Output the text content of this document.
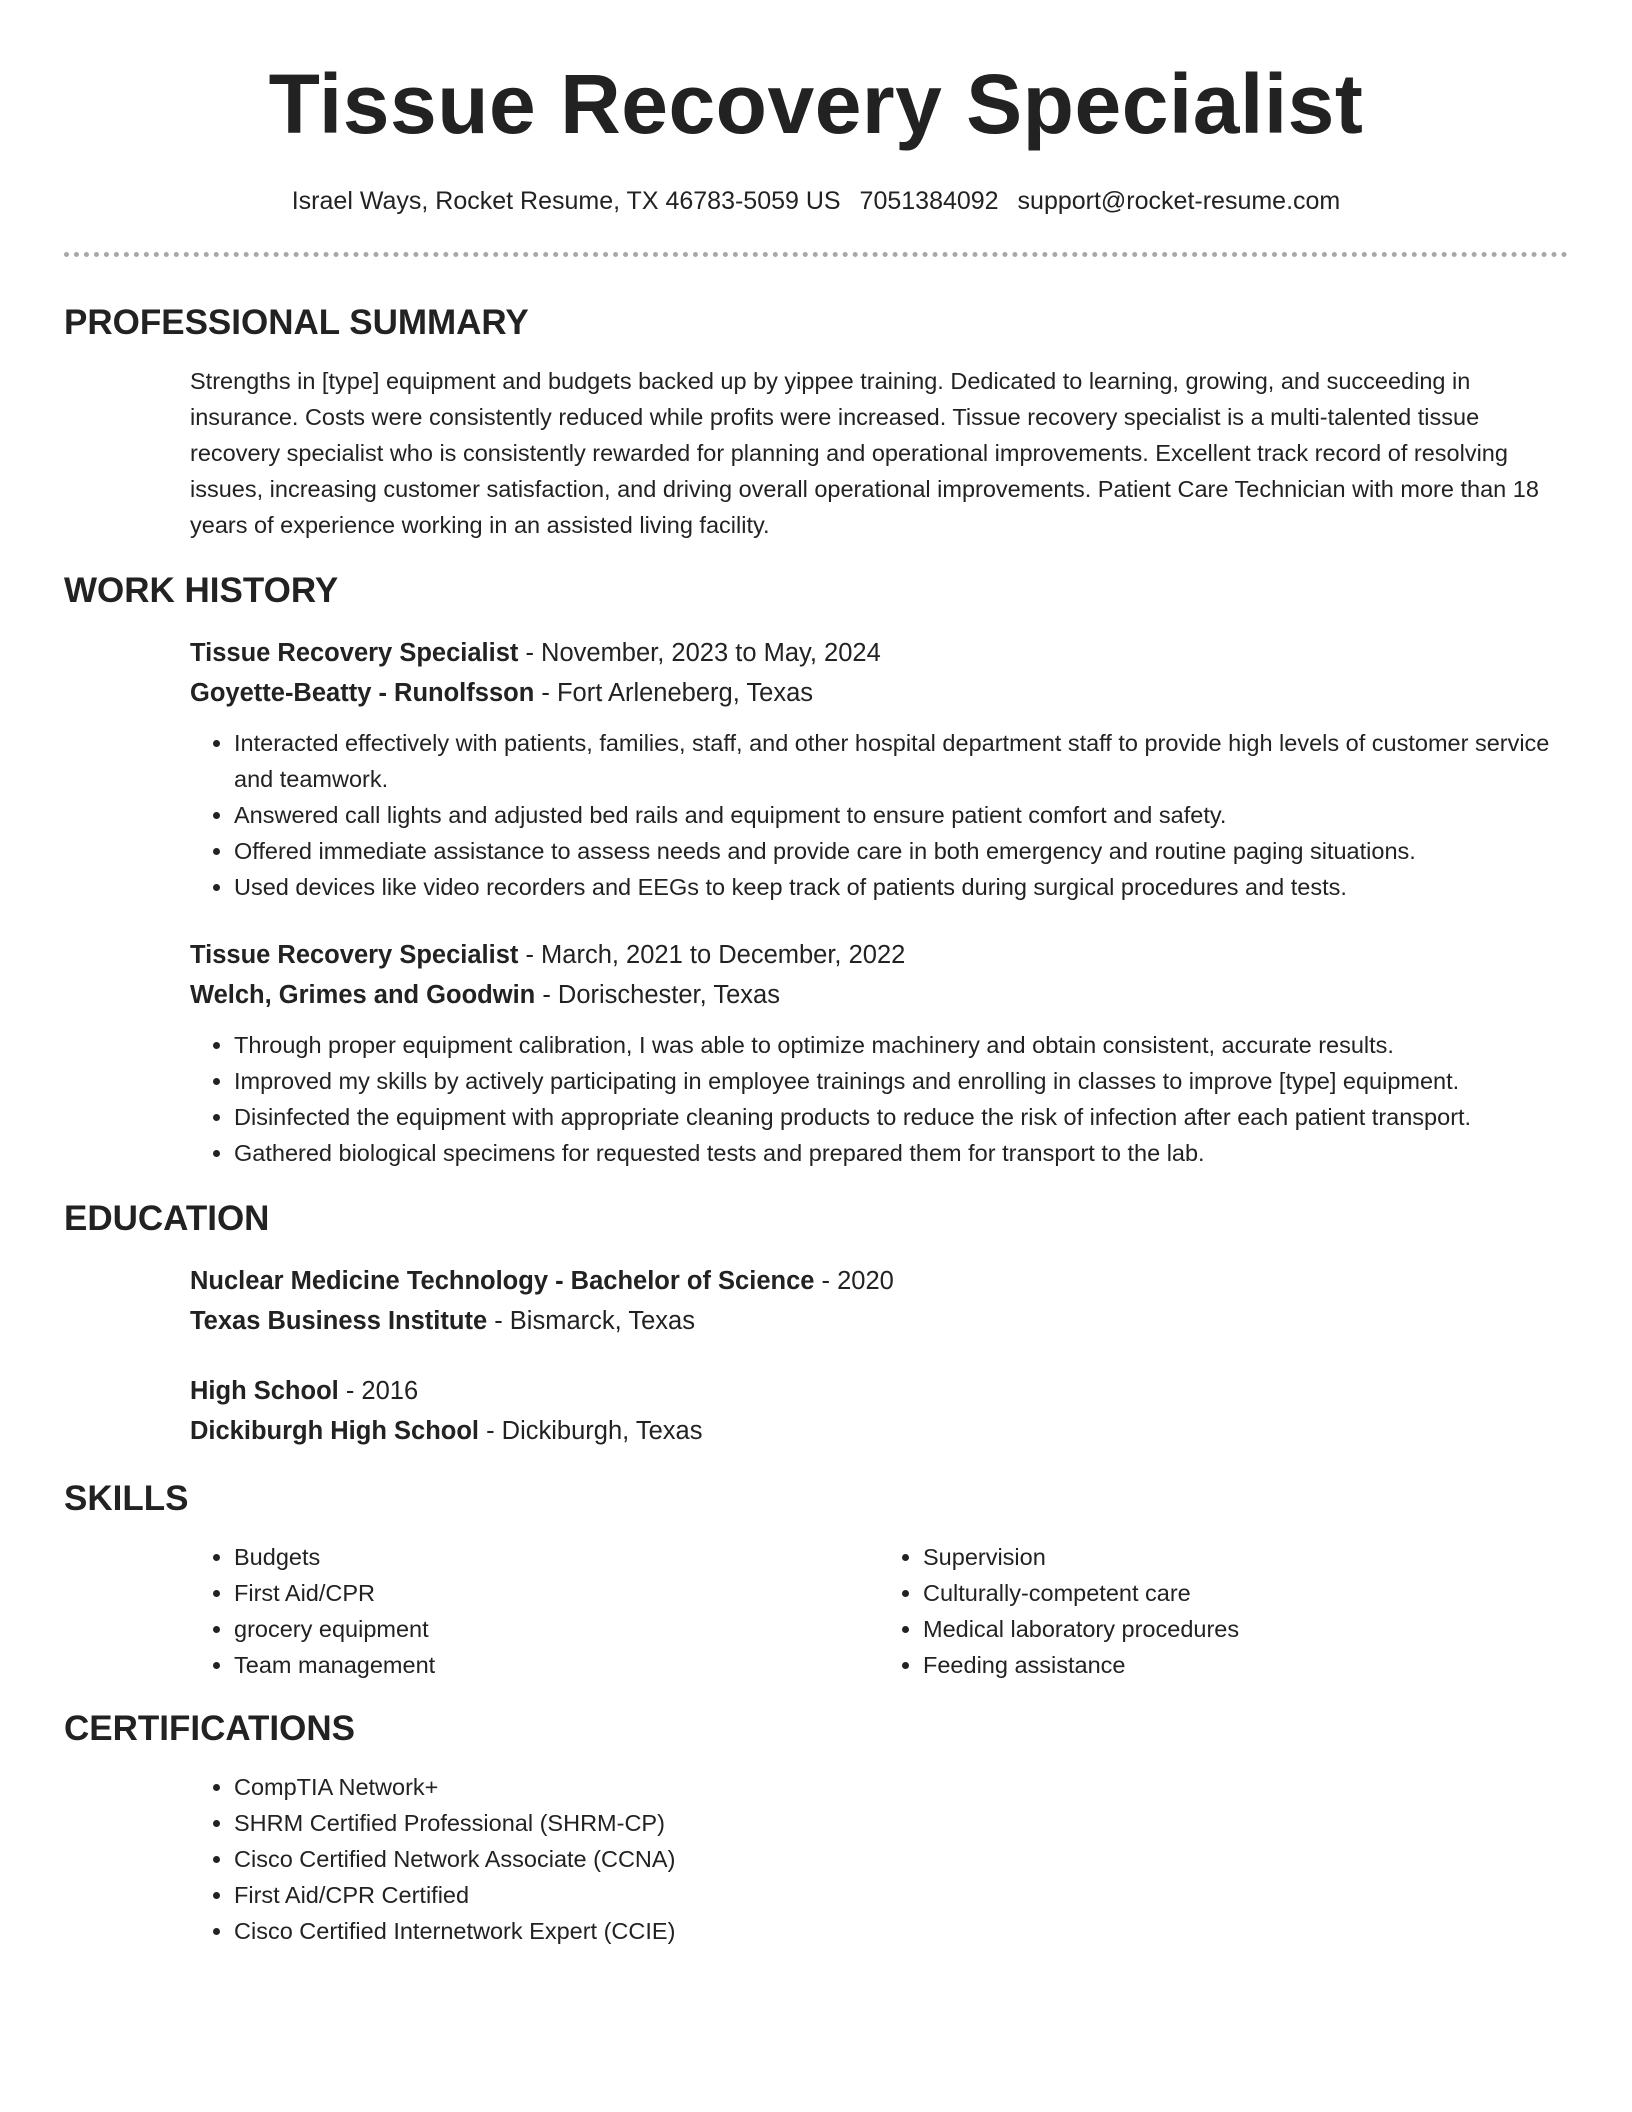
Tissue Recovery Specialist
Israel Ways, Rocket Resume, TX 46783-5059 US 7051384092 support@rocket-resume.com
PROFESSIONAL SUMMARY

Strengths in [type] equipment and budgets backed up by yippee training. Dedicated to learning, growing, and succeeding in insurance. Costs were consistently reduced while profits were increased. Tissue recovery specialist is a multi-talented tissue recovery specialist who is consistently rewarded for planning and operational improvements. Excellent track record of resolving issues, increasing customer satisfaction, and driving overall operational improvements. Patient Care Technician with more than 18 years of experience working in an assisted living facility.

WORK HISTORY

Tissue Recovery Specialist - November, 2023 to May, 2024

Goyette-Beatty - Runolfsson - Fort Arleneberg, Texas

• Interacted effectively with patients, families, staff, and other hospital department staff to provide high levels of customer service and teamwork.
• Answered call lights and adjusted bed rails and equipment to ensure patient comfort and safety.
• Offered immediate assistance to assess needs and provide care in both emergency and routine paging situations.
• Used devices like video recorders and EEGs to keep track of patients during surgical procedures and tests.

Tissue Recovery Specialist - March, 2021 to December, 2022

Welch, Grimes and Goodwin - Dorischester, Texas

• Through proper equipment calibration, I was able to optimize machinery and obtain consistent, accurate results.
• Improved my skills by actively participating in employee trainings and enrolling in classes to improve [type] equipment.
• Disinfected the equipment with appropriate cleaning products to reduce the risk of infection after each patient transport.
• Gathered biological specimens for requested tests and prepared them for transport to the lab.
EDUCATION

Nuclear Medicine Technology - Bachelor of Science - 2020

Texas Business Institute - Bismarck, Texas

High School - 2016

Dickiburgh High School - Dickiburgh, Texas

SKILLS
• Budgets
• First Aid/CPR
• grocery equipment
• Team management
• Supervision
• Culturally-competent care
• Medical laboratory procedures
• Feeding assistance
CERTIFICATIONS
• CompTIA Network+
• SHRM Certified Professional (SHRM-CP)
• Cisco Certified Network Associate (CCNA)
• First Aid/CPR Certified
• Cisco Certified Internetwork Expert (CCIE)
